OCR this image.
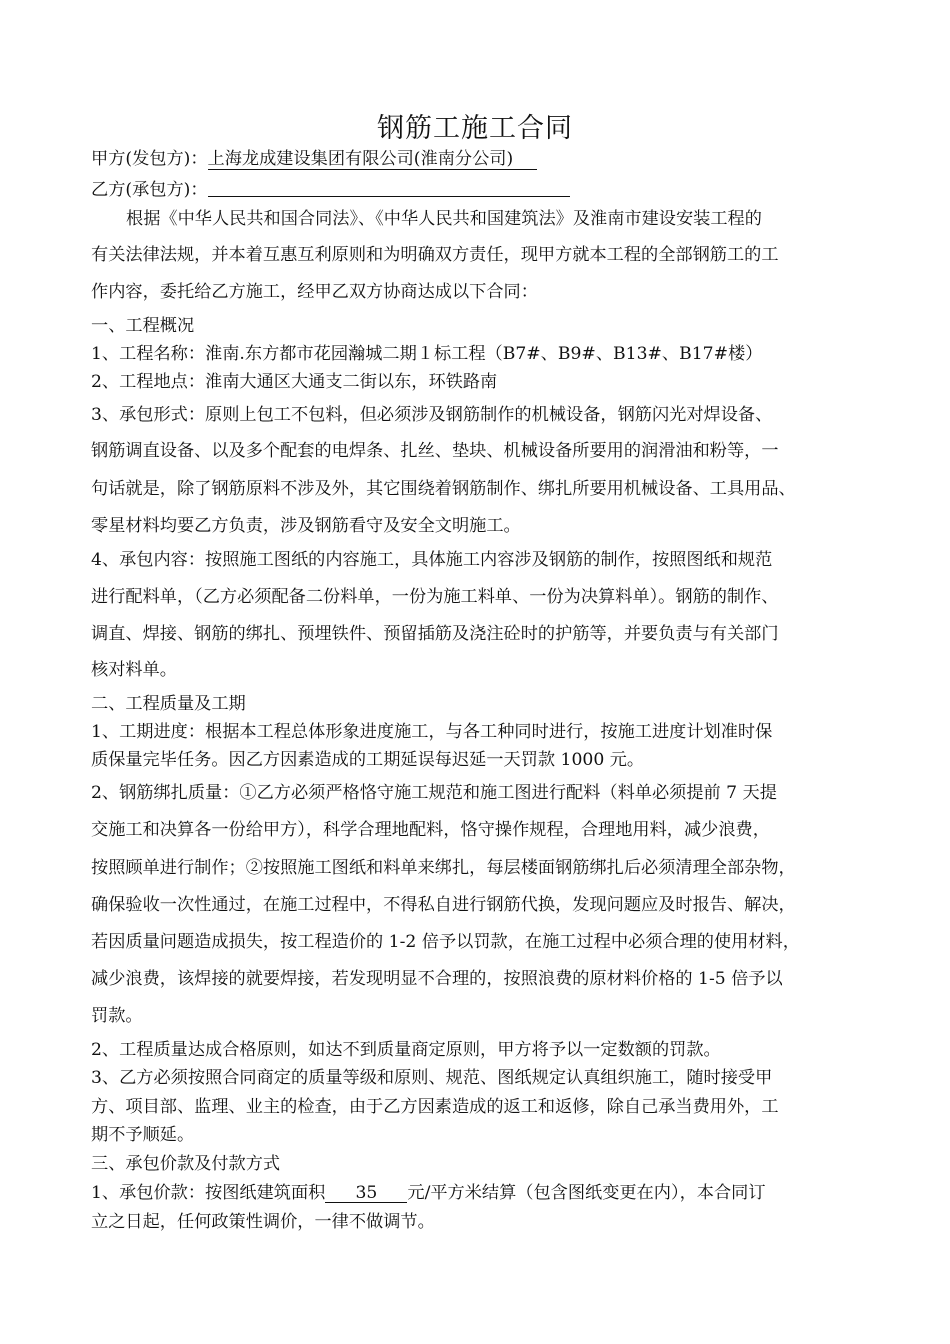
钢筋工施工合同
甲方(发包方)：上海龙成建设集团有限公司(淮南分公司)
乙方(承包方)：
根据《中华人民共和国合同法》、《中华人民共和国建筑法》及淮南市建设安装工程的
有关法律法规，并本着互惠互利原则和为明确双方责任，现甲方就本工程的全部钢筋工的工
作内容，委托给乙方施工，经甲乙双方协商达成以下合同：
一、工程概况
1、工程名称：淮南.东方都市花园瀚城二期１标工程（B7#、B9#、B13#、B17#楼）
2、工程地点：淮南大通区大通支二街以东，环铁路南
3、承包形式：原则上包工不包料，但必须涉及钢筋制作的机械设备，钢筋闪光对焊设备、
钢筋调直设备、以及多个配套的电焊条、扎丝、垫块、机械设备所要用的润滑油和粉等，一
句话就是，除了钢筋原料不涉及外，其它围绕着钢筋制作、绑扎所要用机械设备、工具用品、
零星材料均要乙方负责，涉及钢筋看守及安全文明施工。
4、承包内容：按照施工图纸的内容施工，具体施工内容涉及钢筋的制作，按照图纸和规范
进行配料单，（乙方必须配备二份料单，一份为施工料单、一份为决算料单）。钢筋的制作、
调直、焊接、钢筋的绑扎、预埋铁件、预留插筋及浇注砼时的护筋等，并要负责与有关部门
核对料单。
二、工程质量及工期
1、工期进度：根据本工程总体形象进度施工，与各工种同时进行，按施工进度计划准时保
质保量完毕任务。因乙方因素造成的工期延误每迟延一天罚款 1000 元。
2、钢筋绑扎质量：①乙方必须严格恪守施工规范和施工图进行配料（料单必须提前 7 天提
交施工和决算各一份给甲方），科学合理地配料，恪守操作规程，合理地用料，减少浪费，
按照顾单进行制作；②按照施工图纸和料单来绑扎，每层楼面钢筋绑扎后必须清理全部杂物，
确保验收一次性通过，在施工过程中，不得私自进行钢筋代换，发现问题应及时报告、解决，
若因质量问题造成损失，按工程造价的 1-2 倍予以罚款，在施工过程中必须合理的使用材料，
减少浪费，该焊接的就要焊接，若发现明显不合理的，按照浪费的原材料价格的 1-5 倍予以
罚款。
2、工程质量达成合格原则，如达不到质量商定原则，甲方将予以一定数额的罚款。
3、乙方必须按照合同商定的质量等级和原则、规范、图纸规定认真组织施工，随时接受甲
方、项目部、监理、业主的检查，由于乙方因素造成的返工和返修，除自己承当费用外，工
期不予顺延。
三、承包价款及付款方式
1、承包价款：按图纸建筑面积 35 元/平方米结算（包含图纸变更在内），本合同订
立之日起，任何政策性调价，一律不做调节。
